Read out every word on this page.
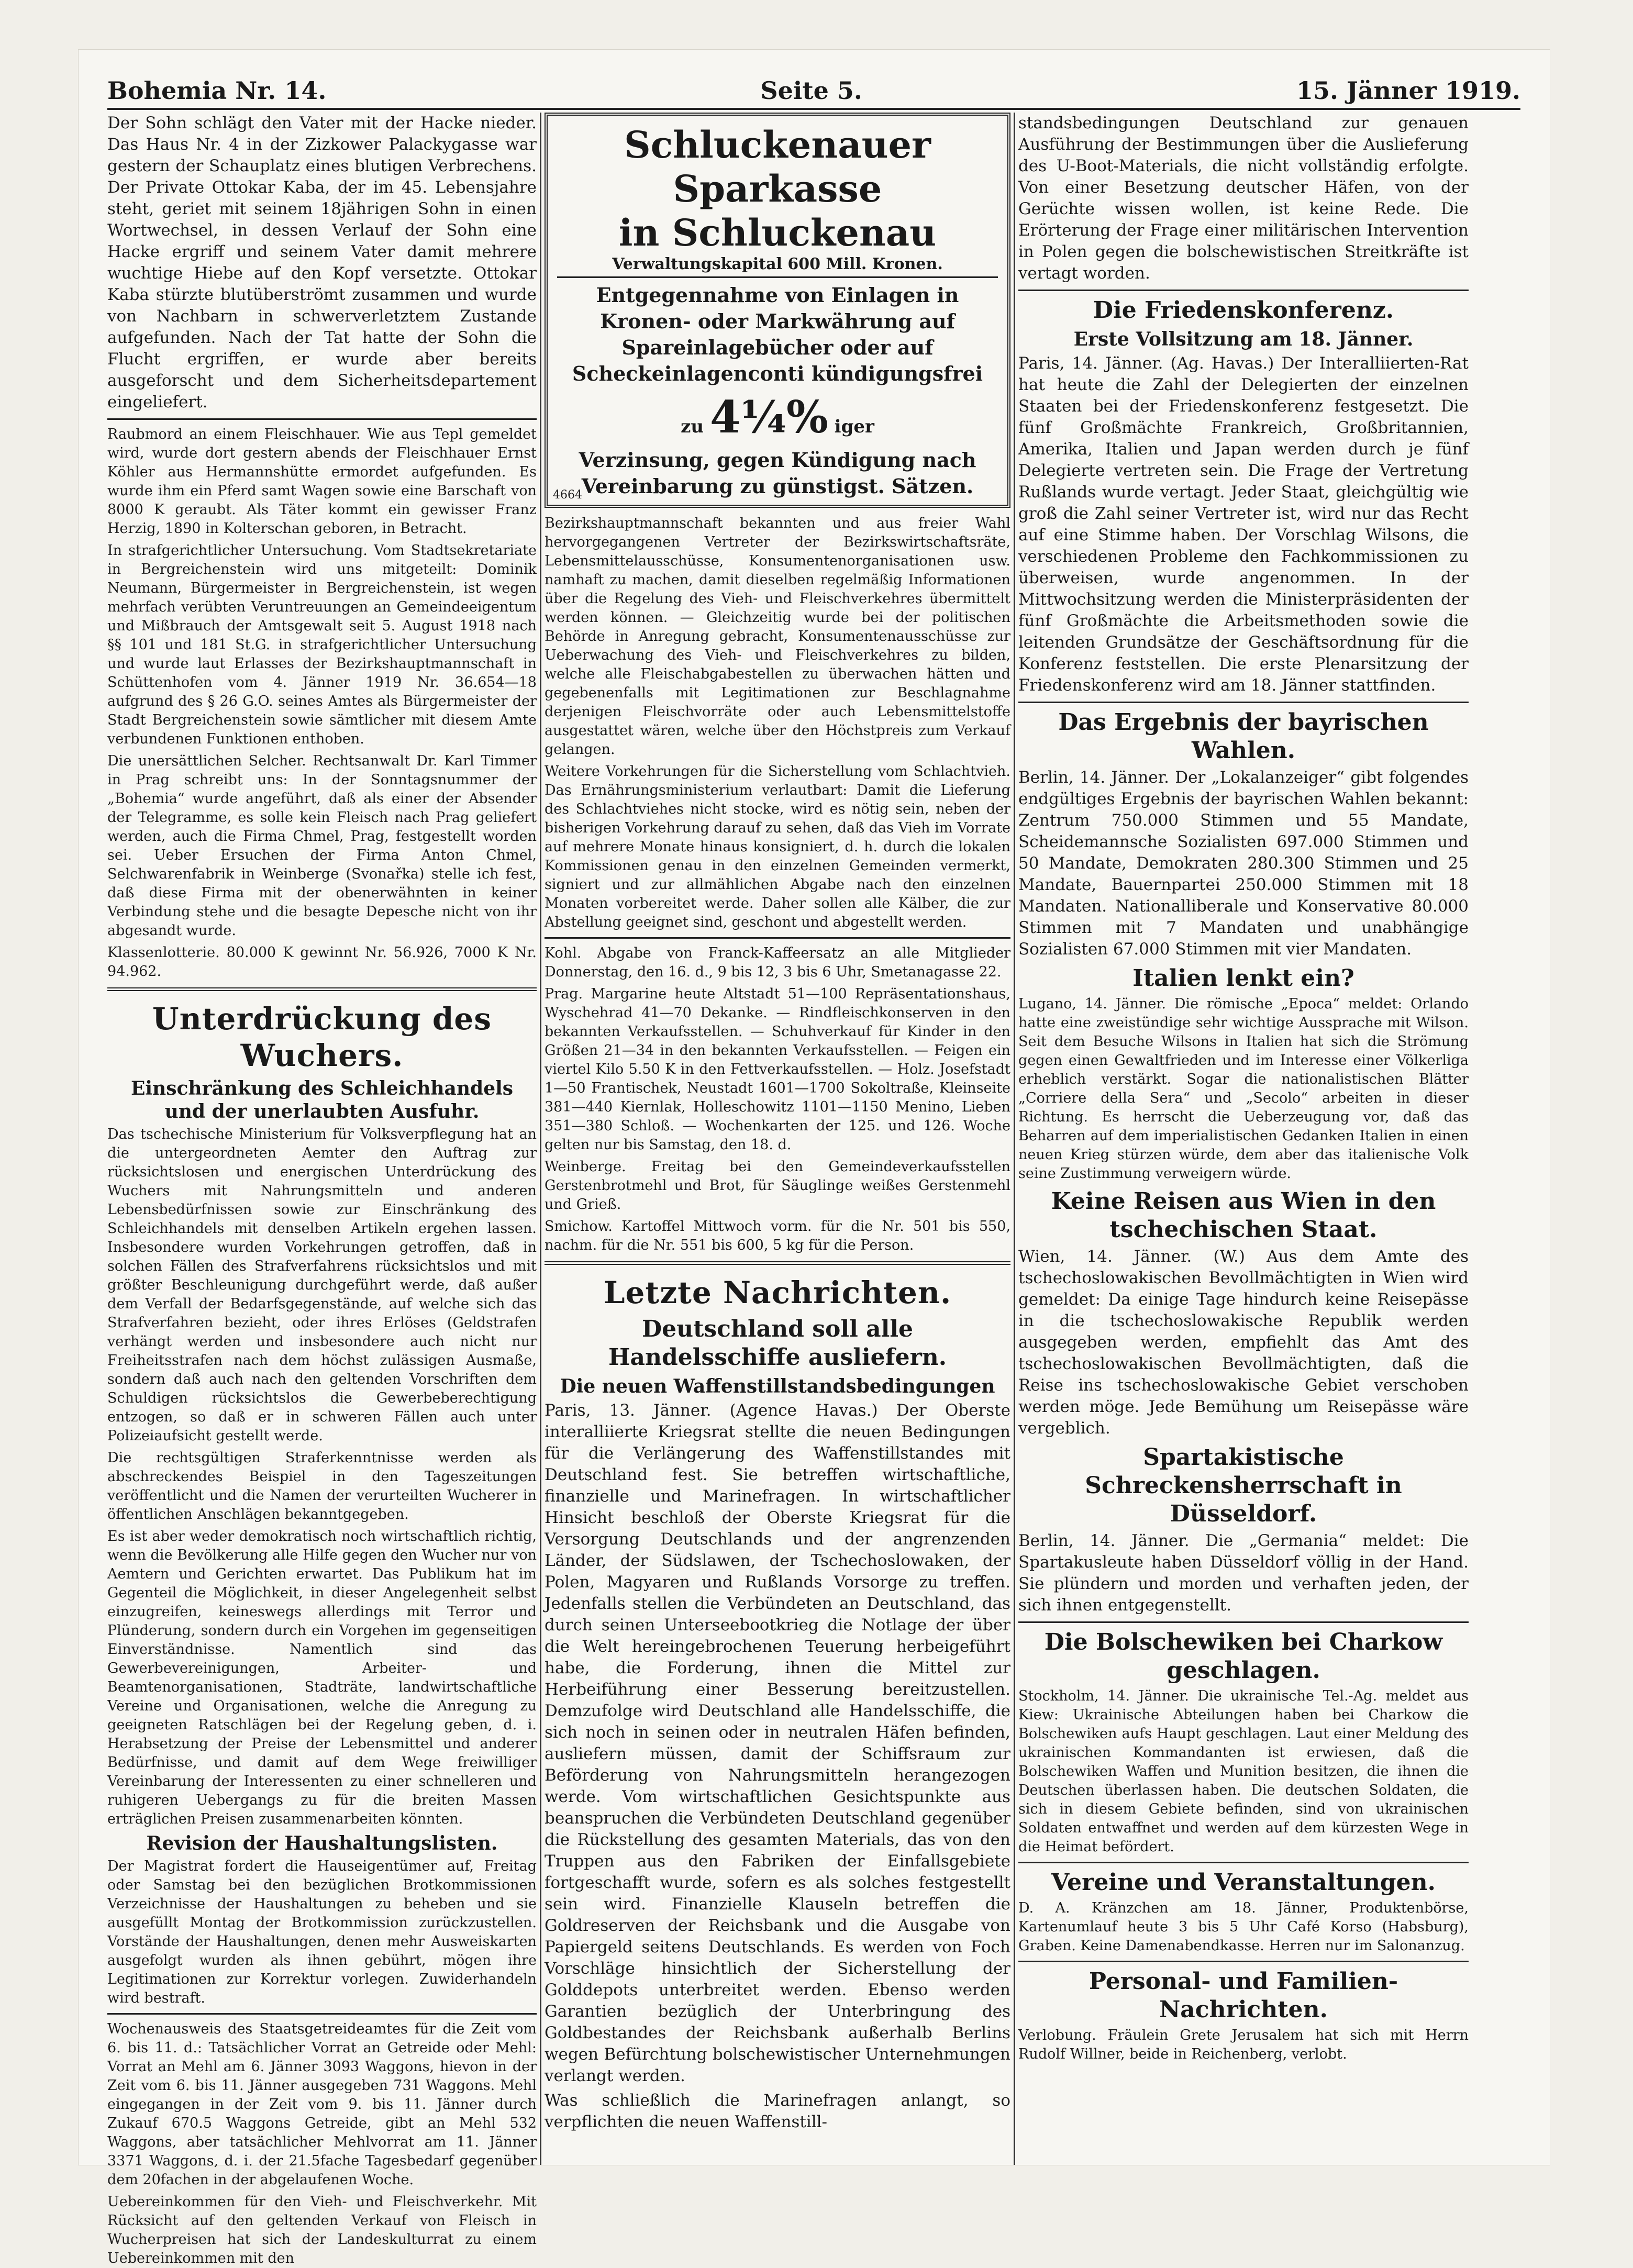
Bohemia Nr. 14.	Seite 5.	15. Jänner 1919.

Der Sohn schlägt den Vater mit der Hacke nieder. Das Haus Nr. 4 in der Zizkower Palackygasse war gestern der Schauplatz eines blutigen Verbrechens. Der Private Ottokar Kaba, der im 45. Lebensjahre steht, geriet mit seinem 18jährigen Sohn in einen Wortwechsel, in dessen Verlauf der Sohn eine Hacke ergriff und seinem Vater damit mehrere wuchtige Hiebe auf den Kopf versetzte. Ottokar Kaba stürzte blutüberströmt zusammen und wurde von Nachbarn in schwerverletztem Zustande aufgefunden. Nach der Tat hatte der Sohn die Flucht ergriffen, er wurde aber bereits ausgeforscht und dem Sicherheitsdepartement eingeliefert.

Raubmord an einem Fleischhauer. Wie aus Tepl gemeldet wird, wurde dort gestern abends der Fleischhauer Ernst Köhler aus Hermannshütte ermordet aufgefunden. Es wurde ihm ein Pferd samt Wagen sowie eine Barschaft von 8000 K geraubt. Als Täter kommt ein gewisser Franz Herzig, 1890 in Kolterschan geboren, in Betracht.

In strafgerichtlicher Untersuchung. Vom Stadtsekretariate in Bergreichenstein wird uns mitgeteilt: Dominik Neumann, Bürgermeister in Bergreichenstein, ist wegen mehrfach verübten Veruntreuungen an Gemeindeeigentum und Mißbrauch der Amtsgewalt seit 5. August 1918 nach §§ 101 und 181 St.G. in strafgerichtlicher Untersuchung und wurde laut Erlasses der Bezirkshauptmannschaft in Schüttenhofen vom 4. Jänner 1919 Nr. 36.654—18 aufgrund des § 26 G.O. seines Amtes als Bürgermeister der Stadt Bergreichenstein sowie sämtlicher mit diesem Amte verbundenen Funktionen enthoben.

Die unersättlichen Selcher. Rechtsanwalt Dr. Karl Timmer in Prag schreibt uns: In der Sonntagsnummer der „Bohemia“ wurde angeführt, daß als einer der Absender der Telegramme, es solle kein Fleisch nach Prag geliefert werden, auch die Firma Chmel, Prag, festgestellt worden sei. Ueber Ersuchen der Firma Anton Chmel, Selchwarenfabrik in Weinberge (Svonařka) stelle ich fest, daß diese Firma mit der obenerwähnten in keiner Verbindung stehe und die besagte Depesche nicht von ihr abgesandt wurde.

Klassenlotterie. 80.000 K gewinnt Nr. 56.926, 7000 K Nr. 94.962.

Unterdrückung des Wuchers.
Einschränkung des Schleichhandels und der unerlaubten Ausfuhr.

Das tschechische Ministerium für Volksverpflegung hat an die untergeordneten Aemter den Auftrag zur rücksichtslosen und energischen Unterdrückung des Wuchers mit Nahrungsmitteln und anderen Lebensbedürfnissen sowie zur Einschränkung des Schleichhandels mit denselben Artikeln ergehen lassen. Insbesondere wurden Vorkehrungen getroffen, daß in solchen Fällen des Strafverfahrens rücksichtslos und mit größter Beschleunigung durchgeführt werde, daß außer dem Verfall der Bedarfsgegenstände, auf welche sich das Strafverfahren bezieht, oder ihres Erlöses (Geldstrafen verhängt werden und insbesondere auch nicht nur Freiheitsstrafen nach dem höchst zulässigen Ausmaße, sondern daß auch nach den geltenden Vorschriften dem Schuldigen rücksichtslos die Gewerbeberechtigung entzogen, so daß er in schweren Fällen auch unter Polizeiaufsicht gestellt werde.

Die rechtsgültigen Straferkenntnisse werden als abschreckendes Beispiel in den Tageszeitungen veröffentlicht und die Namen der verurteilten Wucherer in öffentlichen Anschlägen bekanntgegeben.

Es ist aber weder demokratisch noch wirtschaftlich richtig, wenn die Bevölkerung alle Hilfe gegen den Wucher nur von Aemtern und Gerichten erwartet. Das Publikum hat im Gegenteil die Möglichkeit, in dieser Angelegenheit selbst einzugreifen, keineswegs allerdings mit Terror und Plünderung, sondern durch ein Vorgehen im gegenseitigen Einverständnisse. Namentlich sind das Gewerbevereinigungen, Arbeiter- und Beamtenorganisationen, Stadträte, landwirtschaftliche Vereine und Organisationen, welche die Anregung zu geeigneten Ratschlägen bei der Regelung geben, d. i. Herabsetzung der Preise der Lebensmittel und anderer Bedürfnisse, und damit auf dem Wege freiwilliger Vereinbarung der Interessenten zu einer schnelleren und ruhigeren Uebergangs zu für die breiten Massen erträglichen Preisen zusammenarbeiten könnten.

Revision der Haushaltungslisten.

Der Magistrat fordert die Hauseigentümer auf, Freitag oder Samstag bei den bezüglichen Brotkommissionen Verzeichnisse der Haushaltungen zu beheben und sie ausgefüllt Montag der Brotkommission zurückzustellen. Vorstände der Haushaltungen, denen mehr Ausweiskarten ausgefolgt wurden als ihnen gebührt, mögen ihre Legitimationen zur Korrektur vorlegen. Zuwiderhandeln wird bestraft.

Wochenausweis des Staatsgetreideamtes für die Zeit vom 6. bis 11. d.: Tatsächlicher Vorrat an Getreide oder Mehl: Vorrat an Mehl am 6. Jänner 3093 Waggons, hievon in der Zeit vom 6. bis 11. Jänner ausgegeben 731 Waggons. Mehl eingegangen in der Zeit vom 9. bis 11. Jänner durch Zukauf 670.5 Waggons Getreide, gibt an Mehl 532 Waggons, aber tatsächlicher Mehlvorrat am 11. Jänner 3371 Waggons, d. i. der 21.5fache Tagesbedarf gegenüber dem 20fachen in der abgelaufenen Woche.

Uebereinkommen für den Vieh- und Fleischverkehr. Mit Rücksicht auf den geltenden Verkauf von Fleisch in Wucherpreisen hat sich der Landeskulturrat zu einem Uebereinkommen mit den

Schluckenauer Sparkasse
in Schluckenau
Verwaltungskapital 600 Mill. Kronen.
Entgegennahme von Einlagen in Kronen- oder Markwährung auf Spareinlagebücher oder auf Scheckeinlagenconti kündigungsfrei
zu 4¼% iger
Verzinsung, gegen Kündigung nach Vereinbarung zu günstigst. Sätzen.
4664

Bezirkshauptmannschaft bekannten und aus freier Wahl hervorgegangenen Vertreter der Bezirkswirtschaftsräte, Lebensmittelausschüsse, Konsumentenorganisationen usw. namhaft zu machen, damit dieselben regelmäßig Informationen über die Regelung des Vieh- und Fleischverkehres übermittelt werden können. — Gleichzeitig wurde bei der politischen Behörde in Anregung gebracht, Konsumentenausschüsse zur Ueberwachung des Vieh- und Fleischverkehres zu bilden, welche alle Fleischabgabestellen zu überwachen hätten und gegebenenfalls mit Legitimationen zur Beschlagnahme derjenigen Fleischvorräte oder auch Lebensmittelstoffe ausgestattet wären, welche über den Höchstpreis zum Verkauf gelangen.

Weitere Vorkehrungen für die Sicherstellung vom Schlachtvieh. Das Ernährungsministerium verlautbart: Damit die Lieferung des Schlachtviehes nicht stocke, wird es nötig sein, neben der bisherigen Vorkehrung darauf zu sehen, daß das Vieh im Vorrate auf mehrere Monate hinaus konsigniert, d. h. durch die lokalen Kommissionen genau in den einzelnen Gemeinden vermerkt, signiert und zur allmählichen Abgabe nach den einzelnen Monaten vorbereitet werde. Daher sollen alle Kälber, die zur Abstellung geeignet sind, geschont und abgestellt werden.

Kohl. Abgabe von Franck-Kaffeersatz an alle Mitglieder Donnerstag, den 16. d., 9 bis 12, 3 bis 6 Uhr, Smetanagasse 22.

Prag. Margarine heute Altstadt 51—100 Repräsentationshaus, Wyschehrad 41—70 Dekanke. — Rindfleischkonserven in den bekannten Verkaufsstellen. — Schuhverkauf für Kinder in den Größen 21—34 in den bekannten Verkaufsstellen. — Feigen ein viertel Kilo 5.50 K in den Fettverkaufsstellen. — Holz. Josefstadt 1—50 Frantischek, Neustadt 1601—1700 Sokoltraße, Kleinseite 381—440 Kiernlak, Holleschowitz 1101—1150 Menino, Lieben 351—380 Schloß. — Wochenkarten der 125. und 126. Woche gelten nur bis Samstag, den 18. d.

Weinberge. Freitag bei den Gemeindeverkaufsstellen Gerstenbrotmehl und Brot, für Säuglinge weißes Gerstenmehl und Grieß.

Smichow. Kartoffel Mittwoch vorm. für die Nr. 501 bis 550, nachm. für die Nr. 551 bis 600, 5 kg für die Person.

Letzte Nachrichten.
Deutschland soll alle Handelsschiffe ausliefern.
Die neuen Waffenstillstandsbedingungen

Paris, 13. Jänner. (Agence Havas.) Der Oberste interalliierte Kriegsrat stellte die neuen Bedingungen für die Verlängerung des Waffenstillstandes mit Deutschland fest. Sie betreffen wirtschaftliche, finanzielle und Marinefragen. In wirtschaftlicher Hinsicht beschloß der Oberste Kriegsrat für die Versorgung Deutschlands und der angrenzenden Länder, der Südslawen, der Tschechoslowaken, der Polen, Magyaren und Rußlands Vorsorge zu treffen. Jedenfalls stellen die Verbündeten an Deutschland, das durch seinen Unterseebootkrieg die Notlage der über die Welt hereingebrochenen Teuerung herbeigeführt habe, die Forderung, ihnen die Mittel zur Herbeiführung einer Besserung bereitzustellen. Demzufolge wird Deutschland alle Handelsschiffe, die sich noch in seinen oder in neutralen Häfen befinden, ausliefern müssen, damit der Schiffsraum zur Beförderung von Nahrungsmitteln herangezogen werde. Vom wirtschaftlichen Gesichtspunkte aus beanspruchen die Verbündeten Deutschland gegenüber die Rückstellung des gesamten Materials, das von den Truppen aus den Fabriken der Einfallsgebiete fortgeschafft wurde, sofern es als solches festgestellt sein wird. Finanzielle Klauseln betreffen die Goldreserven der Reichsbank und die Ausgabe von Papiergeld seitens Deutschlands. Es werden von Foch Vorschläge hinsichtlich der Sicherstellung der Golddepots unterbreitet werden. Ebenso werden Garantien bezüglich der Unterbringung des Goldbestandes der Reichsbank außerhalb Berlins wegen Befürchtung bolschewistischer Unternehmungen verlangt werden.

Was schließlich die Marinefragen anlangt, so verpflichten die neuen Waffenstill-

standsbedingungen Deutschland zur genauen Ausführung der Bestimmungen über die Auslieferung des U-Boot-Materials, die nicht vollständig erfolgte. Von einer Besetzung deutscher Häfen, von der Gerüchte wissen wollen, ist keine Rede. Die Erörterung der Frage einer militärischen Intervention in Polen gegen die bolschewistischen Streitkräfte ist vertagt worden.

Die Friedenskonferenz.
Erste Vollsitzung am 18. Jänner.

Paris, 14. Jänner. (Ag. Havas.) Der Interalliierten-Rat hat heute die Zahl der Delegierten der einzelnen Staaten bei der Friedenskonferenz festgesetzt. Die fünf Großmächte Frankreich, Großbritannien, Amerika, Italien und Japan werden durch je fünf Delegierte vertreten sein. Die Frage der Vertretung Rußlands wurde vertagt. Jeder Staat, gleichgültig wie groß die Zahl seiner Vertreter ist, wird nur das Recht auf eine Stimme haben. Der Vorschlag Wilsons, die verschiedenen Probleme den Fachkommissionen zu überweisen, wurde angenommen. In der Mittwochsitzung werden die Ministerpräsidenten der fünf Großmächte die Arbeitsmethoden sowie die leitenden Grundsätze der Geschäftsordnung für die Konferenz feststellen. Die erste Plenarsitzung der Friedenskonferenz wird am 18. Jänner stattfinden.

Das Ergebnis der bayrischen Wahlen.

Berlin, 14. Jänner. Der „Lokalanzeiger“ gibt folgendes endgültiges Ergebnis der bayrischen Wahlen bekannt: Zentrum 750.000 Stimmen und 55 Mandate, Scheidemannsche Sozialisten 697.000 Stimmen und 50 Mandate, Demokraten 280.300 Stimmen und 25 Mandate, Bauernpartei 250.000 Stimmen mit 18 Mandaten. Nationalliberale und Konservative 80.000 Stimmen mit 7 Mandaten und unabhängige Sozialisten 67.000 Stimmen mit vier Mandaten.

Italien lenkt ein?

Lugano, 14. Jänner. Die römische „Epoca“ meldet: Orlando hatte eine zweistündige sehr wichtige Aussprache mit Wilson. Seit dem Besuche Wilsons in Italien hat sich die Strömung gegen einen Gewaltfrieden und im Interesse einer Völkerliga erheblich verstärkt. Sogar die nationalistischen Blätter „Corriere della Sera“ und „Secolo“ arbeiten in dieser Richtung. Es herrscht die Ueberzeugung vor, daß das Beharren auf dem imperialistischen Gedanken Italien in einen neuen Krieg stürzen würde, dem aber das italienische Volk seine Zustimmung verweigern würde.

Keine Reisen aus Wien in den tschechischen Staat.

Wien, 14. Jänner. (W.) Aus dem Amte des tschechoslowakischen Bevollmächtigten in Wien wird gemeldet: Da einige Tage hindurch keine Reisepässe in die tschechoslowakische Republik werden ausgegeben werden, empfiehlt das Amt des tschechoslowakischen Bevollmächtigten, daß die Reise ins tschechoslowakische Gebiet verschoben werden möge. Jede Bemühung um Reisepässe wäre vergeblich.

Spartakistische Schreckensherrschaft in Düsseldorf.

Berlin, 14. Jänner. Die „Germania“ meldet: Die Spartakusleute haben Düsseldorf völlig in der Hand. Sie plündern und morden und verhaften jeden, der sich ihnen entgegenstellt.

Die Bolschewiken bei Charkow geschlagen.

Stockholm, 14. Jänner. Die ukrainische Tel.-Ag. meldet aus Kiew: Ukrainische Abteilungen haben bei Charkow die Bolschewiken aufs Haupt geschlagen. Laut einer Meldung des ukrainischen Kommandanten ist erwiesen, daß die Bolschewiken Waffen und Munition besitzen, die ihnen die Deutschen überlassen haben. Die deutschen Soldaten, die sich in diesem Gebiete befinden, sind von ukrainischen Soldaten entwaffnet und werden auf dem kürzesten Wege in die Heimat befördert.

Vereine und Veranstaltungen.

D. A. Kränzchen am 18. Jänner, Produktenbörse, Kartenumlauf heute 3 bis 5 Uhr Café Korso (Habsburg), Graben. Keine Damenabendkasse. Herren nur im Salonanzug.

Personal- und Familien-Nachrichten.

Verlobung. Fräulein Grete Jerusalem hat sich mit Herrn Rudolf Willner, beide in Reichenberg, verlobt.
